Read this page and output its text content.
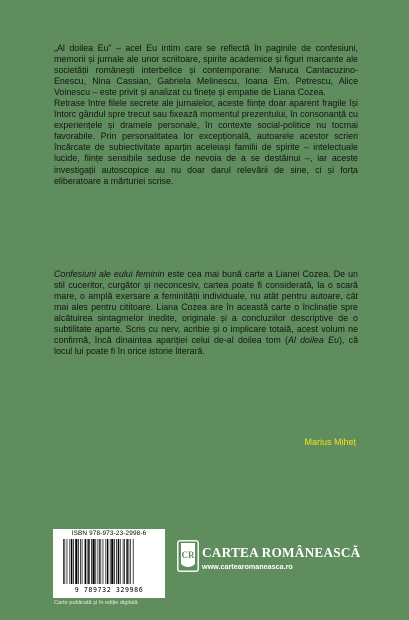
„Al doilea Eu” – acel Eu intim care se reflectă în paginile de confesiuni, memorii și jurnale ale unor scriitoare, spirite academice și figuri marcante ale societății românești interbelice și contemporane: Maruca Cantacuzino-Enescu, Nina Cassian, Gabriela Melinescu, Ioana Em. Petrescu, Alice Voinescu – este privit și analizat cu finețe și empatie de Liana Cozea.

Retrase între filele secrete ale jurnalelor, aceste ființe doar aparent fragile își întorc gândul spre trecut sau fixează momentul prezentului, în consonanță cu experiențele și dramele personale, în contexte social-politice nu tocmai favorabile. Prin personalitatea lor excepțională, autoarele acestor scrieri încărcate de subiectivitate aparțin aceleiași familii de spirite – intelectuale lucide, ființe sensibile seduse de nevoia de a se destăinui –, iar aceste investigații autoscopice au nu doar darul relevării de sine, ci și forța eliberatoare a mărturiei scrise.

Confesiuni ale eului feminin este cea mai bună carte a Lianei Cozea. De un stil cuceritor, curgător și neconcesiv, cartea poate fi considerată, la o scară mare, o amplă exersare a feminității individuale, nu atât pentru autoare, cât mai ales pentru cititoare. Liana Cozea are în această carte o înclinație spre alcătuirea sintagmelor inedite, originale și a concluziilor descriptive de o subtilitate aparte. Scris cu nerv, acribie și o implicare totală, acest volum ne confirmă, încă dinaintea apariției celui de-al doilea tom (Al doilea Eu), că locul lui poate fi în orice istorie literară.

Marius Miheț
ISBN 978-973-23-2998-6
9 789732 329986
Carte publicată și în ediție digitală
CR CARTEA ROMÂNEASCĂ
www.cartearomaneasca.ro
